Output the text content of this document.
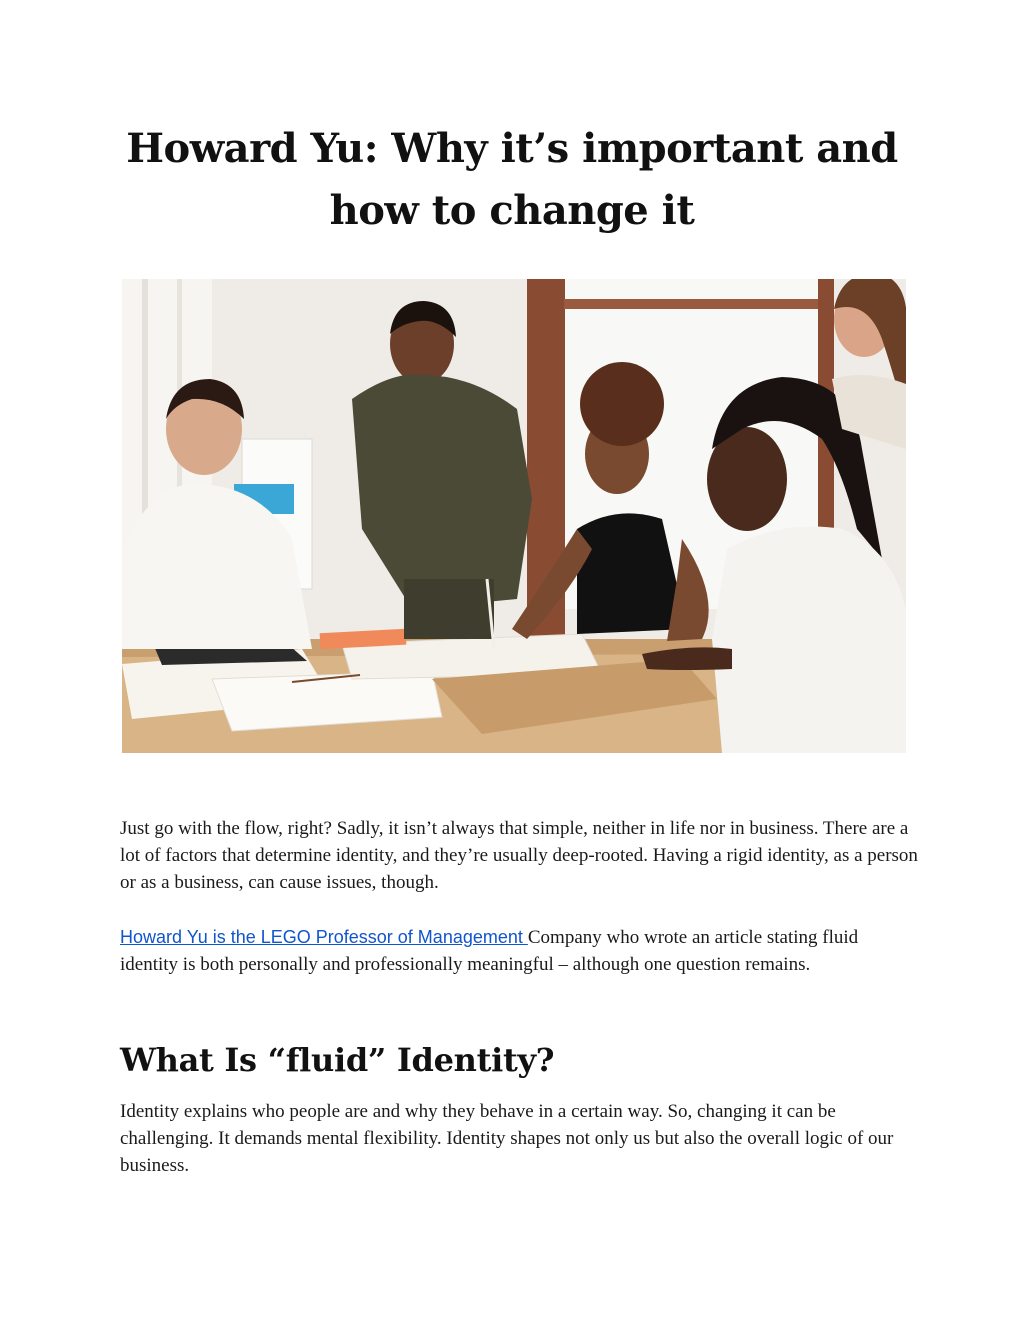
Howard Yu: Why it’s important and how to change it

Just go with the flow, right? Sadly, it isn’t always that simple, neither in life nor in business. There are a lot of factors that determine identity, and they’re usually deep-rooted. Having a rigid identity, as a person or as a business, can cause issues, though.

Howard Yu is the LEGO Professor of Management Company who wrote an article stating fluid identity is both personally and professionally meaningful – although one question remains.

What Is “fluid” Identity?

Identity explains who people are and why they behave in a certain way. So, changing it can be challenging. It demands mental flexibility. Identity shapes not only us but also the overall logic of our business.
